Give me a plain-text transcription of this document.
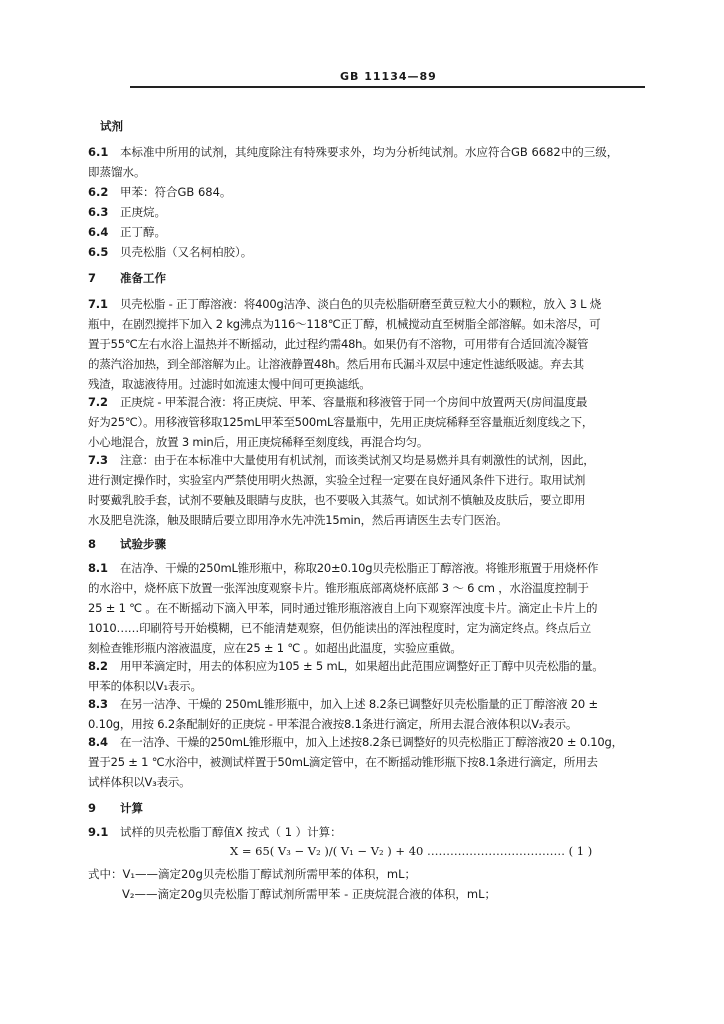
GB 11134—89
试剂
6.1 本标准中所用的试剂，其纯度除注有特殊要求外，均为分析纯试剂。水应符合GB 6682中的三级，
即蒸馏水。
6.2 甲苯：符合GB 684。
6.3 正庚烷。
6.4 正丁醇。
6.5 贝壳松脂（又名柯柏胶）。
7 准备工作
7.1 贝壳松脂 - 正丁醇溶液：将400g洁净、淡白色的贝壳松脂研磨至黄豆粒大小的颗粒，放入 3 L 烧
瓶中，在剧烈搅拌下加入 2 kg沸点为116～118℃正丁醇，机械搅动直至树脂全部溶解。如未溶尽，可
置于55℃左右水浴上温热并不断摇动，此过程约需48h。如果仍有不溶物，可用带有合适回流冷凝管
的蒸汽浴加热，到全部溶解为止。让溶液静置48h。然后用布氏漏斗双层中速定性滤纸吸滤。弃去其
残渣，取滤液待用。过滤时如流速太慢中间可更换滤纸。
7.2 正庚烷 - 甲苯混合液：将正庚烷、甲苯、容量瓶和移液管于同一个房间中放置两天(房间温度最
好为25℃）。用移液管移取125mL甲苯至500mL容量瓶中，先用正庚烷稀释至容量瓶近刻度线之下，
小心地混合，放置 3 min后，用正庚烷稀释至刻度线，再混合均匀。
7.3 注意：由于在本标准中大量使用有机试剂，而该类试剂又均是易燃并具有刺激性的试剂，因此，
进行测定操作时，实验室内严禁使用明火热源，实验全过程一定要在良好通风条件下进行。取用试剂
时要戴乳胶手套，试剂不要触及眼睛与皮肤，也不要吸入其蒸气。如试剂不慎触及皮肤后，要立即用
水及肥皂洗涤，触及眼睛后要立即用净水先冲洗15min，然后再请医生去专门医治。
8 试验步骤
8.1 在洁净、干燥的250mL锥形瓶中，称取20±0.10g贝壳松脂正丁醇溶液。将锥形瓶置于用烧杯作
的水浴中，烧杯底下放置一张浑浊度观察卡片。锥形瓶底部离烧杯底部 3 ～ 6 cm ，水浴温度控制于
25 ± 1 ℃ 。在不断摇动下滴入甲苯，同时通过锥形瓶溶液自上向下观察浑浊度卡片。滴定止卡片上的
1010……印刷符号开始模糊，已不能清楚观察，但仍能读出的浑浊程度时，定为滴定终点。终点后立
刻检查锥形瓶内溶液温度，应在25 ± 1 ℃ 。如超出此温度，实验应重做。
8.2 用甲苯滴定时，用去的体积应为105 ± 5 mL，如果超出此范围应调整好正丁醇中贝壳松脂的量。
甲苯的体积以V₁表示。
8.3 在另一洁净、干燥的 250mL锥形瓶中，加入上述 8.2条已调整好贝壳松脂量的正丁醇溶液 20 ±
0.10g，用按 6.2条配制好的正庚烷 - 甲苯混合液按8.1条进行滴定，所用去混合液体积以V₂表示。
8.4 在一洁净、干燥的250mL锥形瓶中，加入上述按8.2条已调整好的贝壳松脂正丁醇溶液20 ± 0.10g，
置于25 ± 1 ℃水浴中，被测试样置于50mL滴定管中，在不断摇动锥形瓶下按8.1条进行滴定，所用去
试样体积以V₃表示。
9 计算
9.1 试样的贝壳松脂丁醇值X 按式（ 1 ）计算：
X = 65( V₃ − V₂ )/( V₁ − V₂ ) + 40 ……………………………… ( 1 )
式中：V₁——滴定20g贝壳松脂丁醇试剂所需甲苯的体积，mL；
V₂——滴定20g贝壳松脂丁醇试剂所需甲苯 - 正庚烷混合液的体积，mL；
